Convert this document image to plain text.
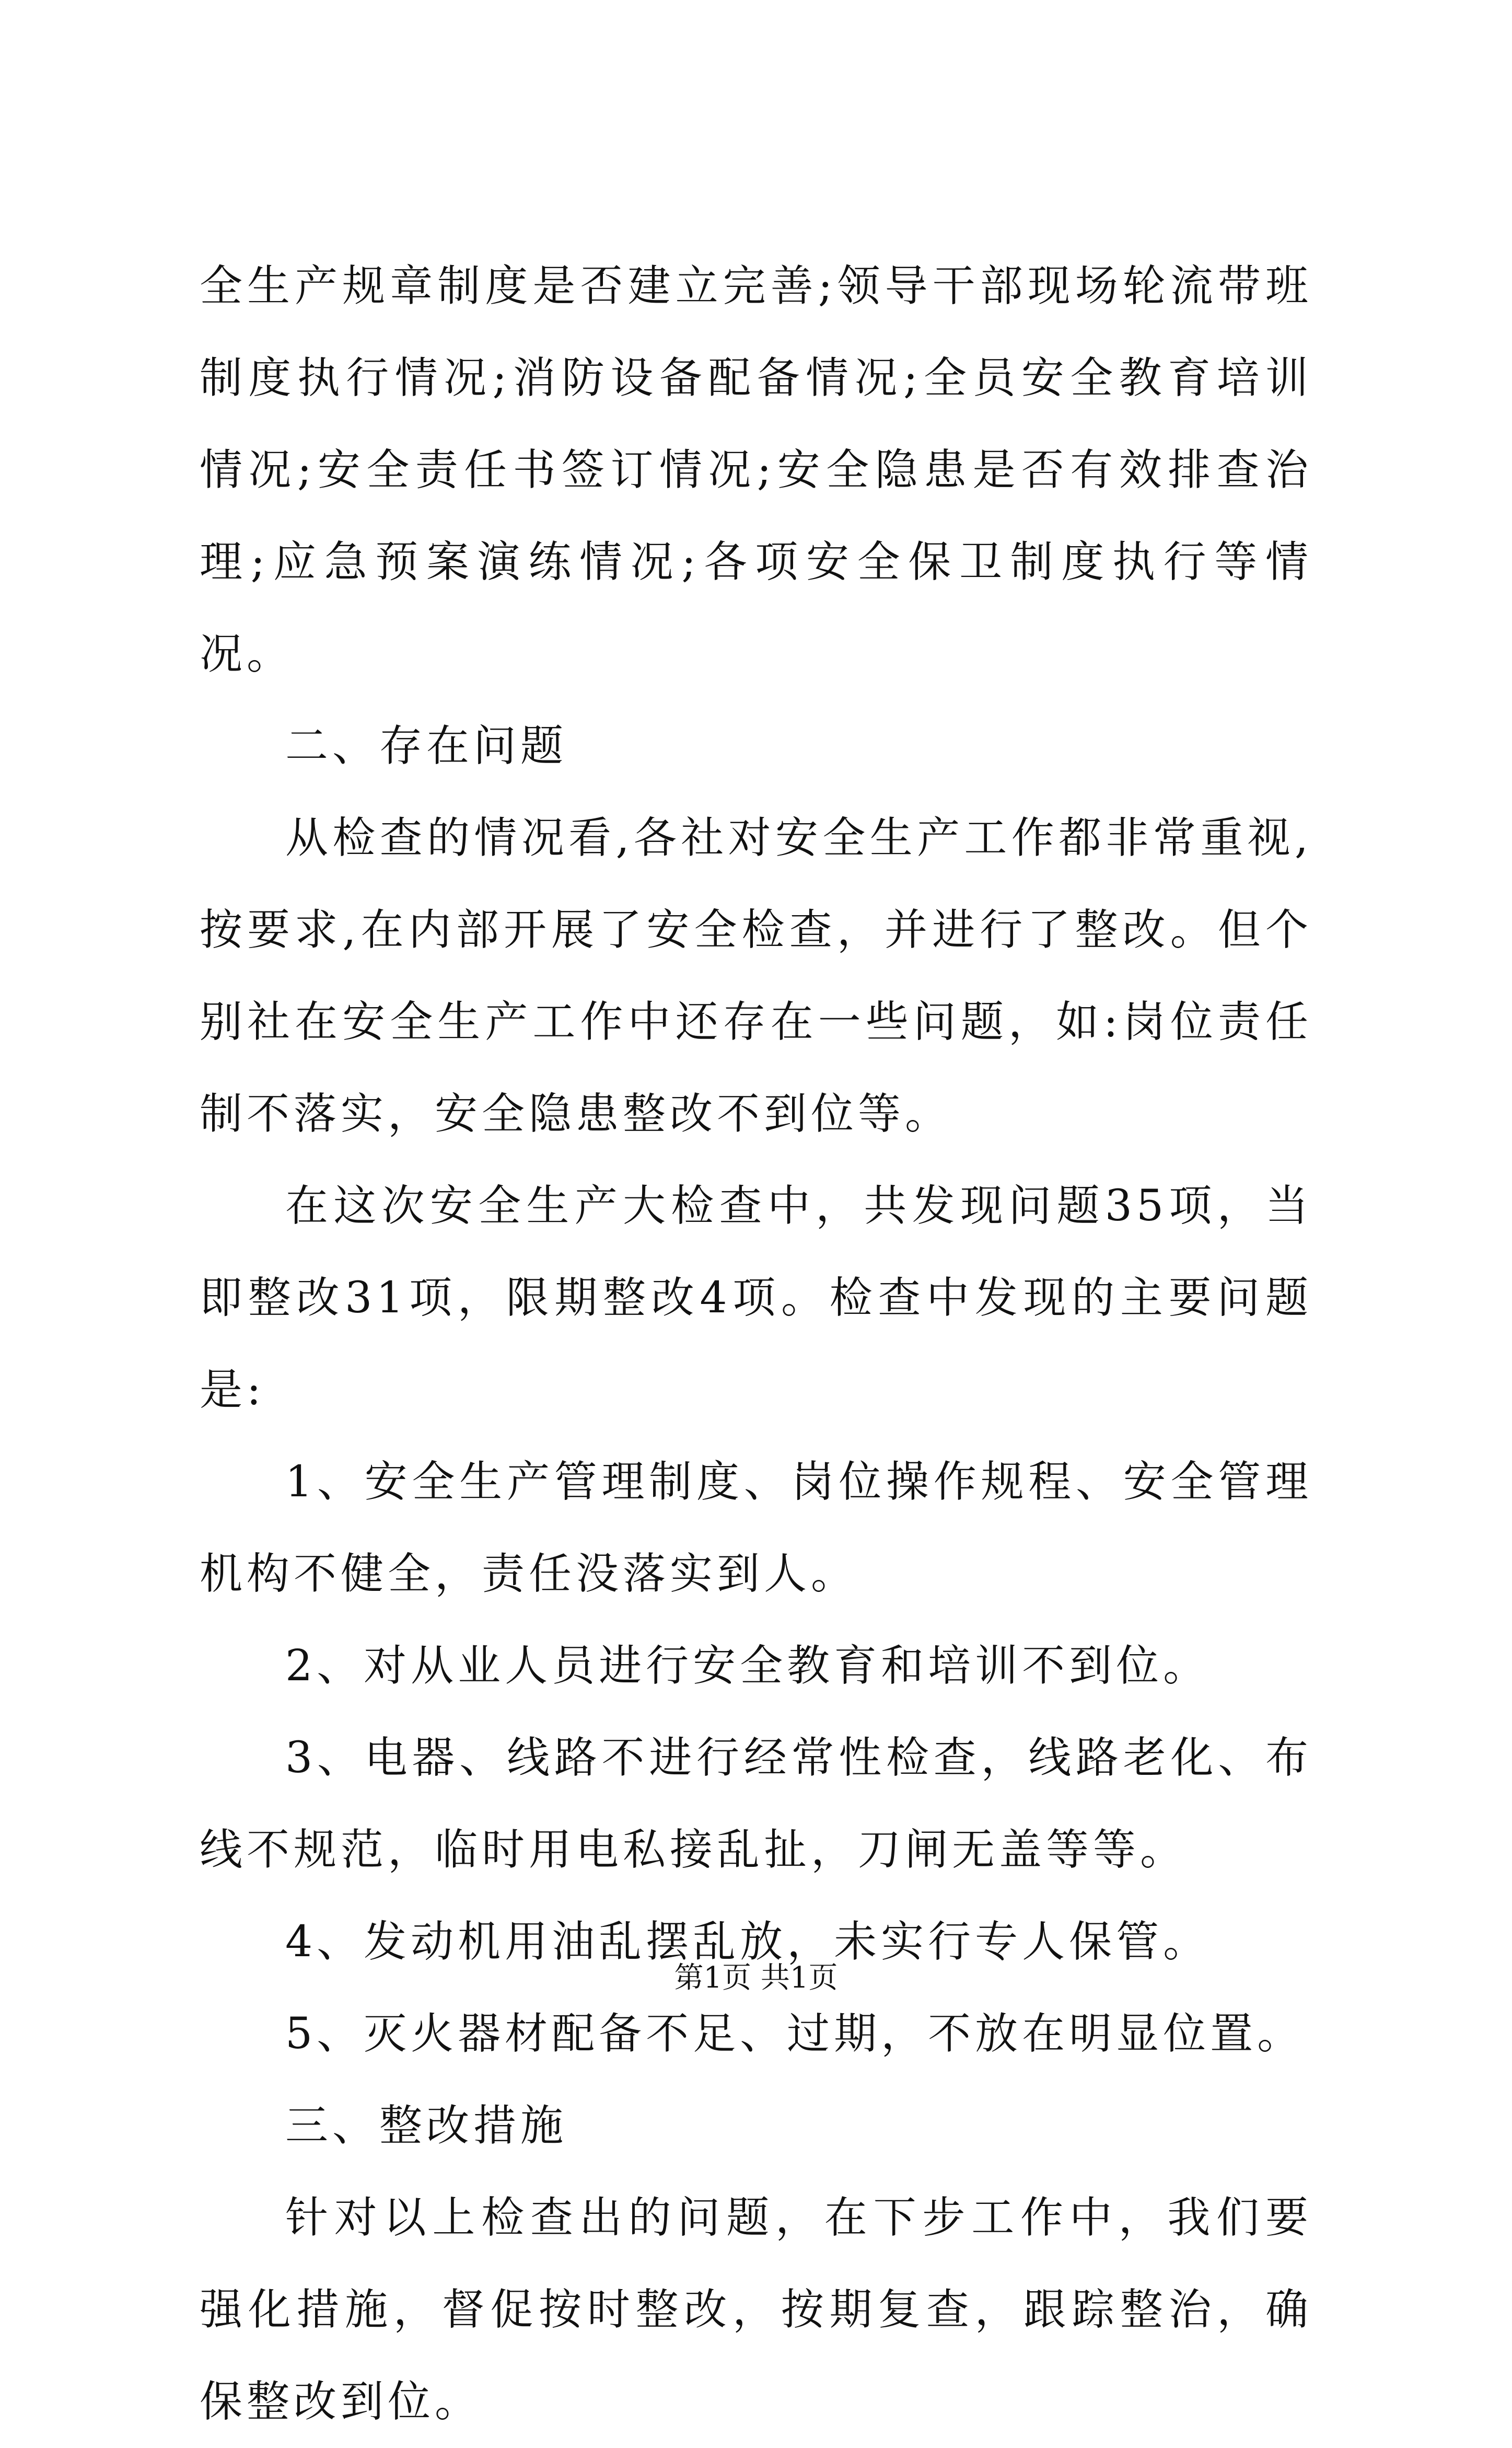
全生产规章制度是否建立完善;领导干部现场轮流带班制度执行情况;消防设备配备情况;全员安全教育培训情况;安全责任书签订情况;安全隐患是否有效排查治理;应急预案演练情况;各项安全保卫制度执行等情况。

二、存在问题

从检查的情况看,各社对安全生产工作都非常重视,按要求,在内部开展了安全检查，并进行了整改。但个别社在安全生产工作中还存在一些问题，如:岗位责任制不落实，安全隐患整改不到位等。

在这次安全生产大检查中，共发现问题35项，当即整改31项，限期整改4项。检查中发现的主要问题是:

1、安全生产管理制度、岗位操作规程、安全管理机构不健全，责任没落实到人。

2、对从业人员进行安全教育和培训不到位。

3、电器、线路不进行经常性检查，线路老化、布线不规范，临时用电私接乱扯，刀闸无盖等等。

4、发动机用油乱摆乱放，未实行专人保管。

5、灭火器材配备不足、过期，不放在明显位置。

三、整改措施

针对以上检查出的问题，在下步工作中，我们要强化措施，督促按时整改，按期复查，跟踪整治，确保整改到位。

第1页 共1页
